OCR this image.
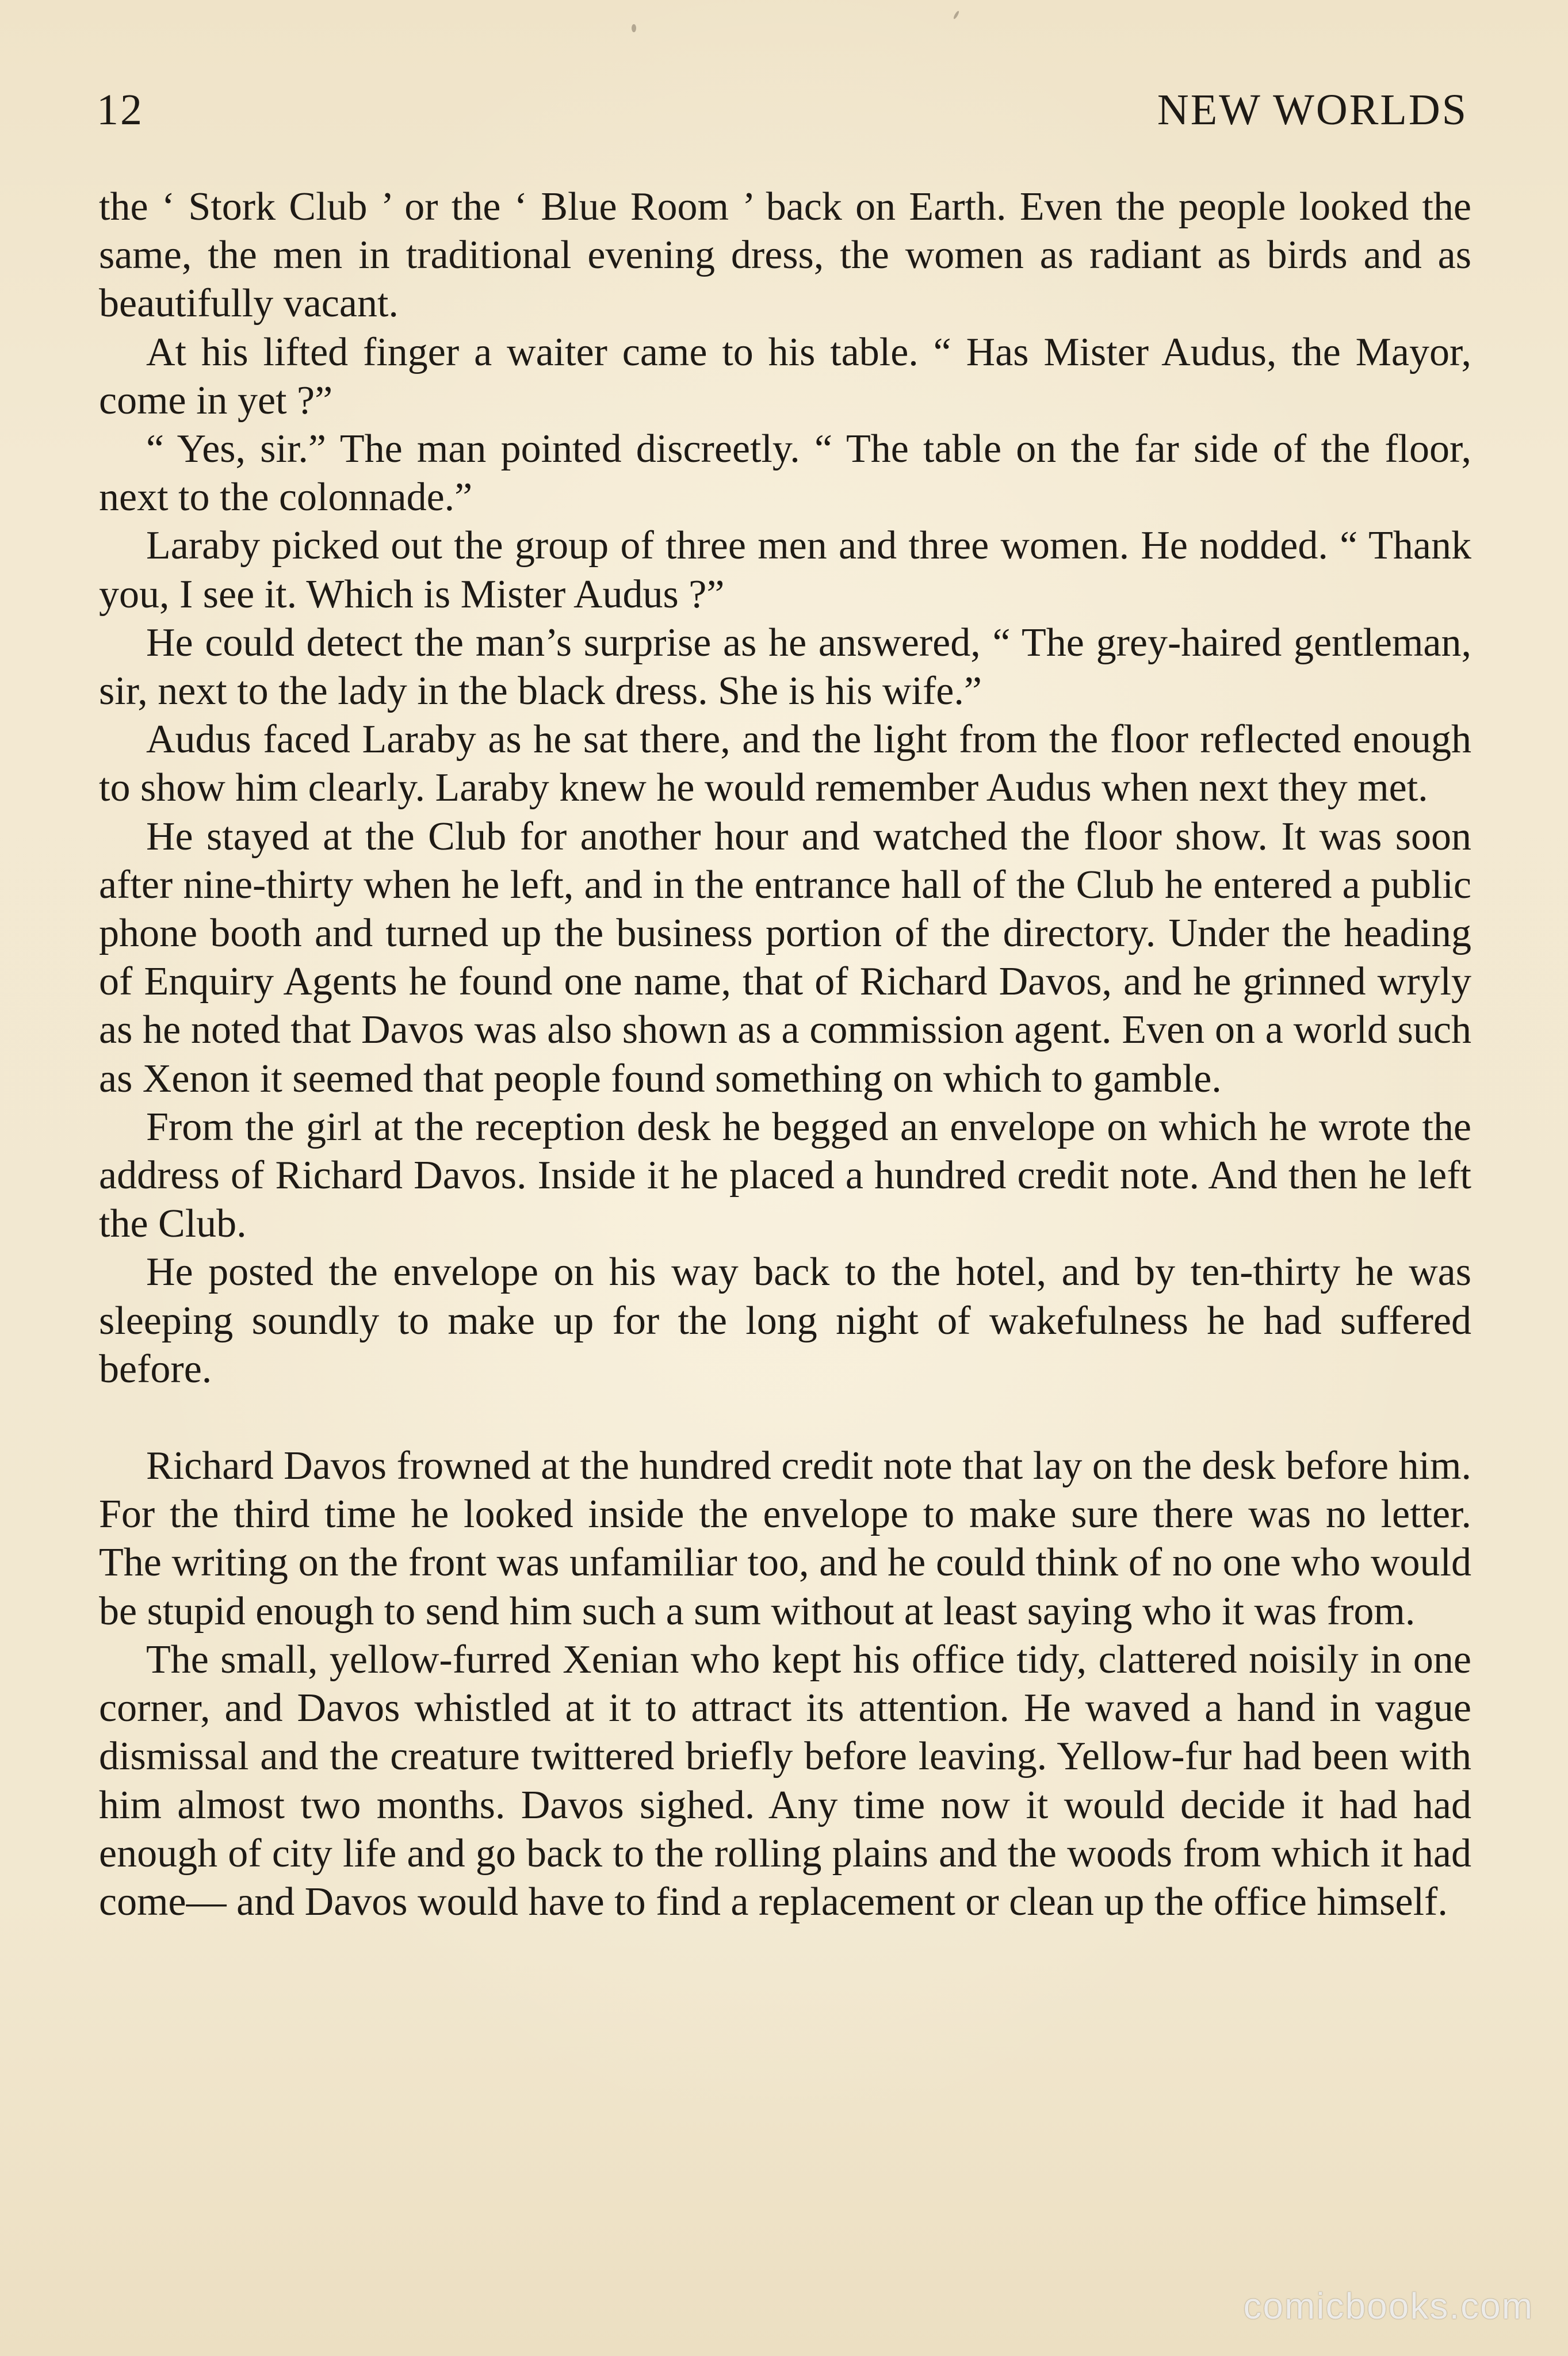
12	NEW WORLDS

the ‘ Stork Club ’ or the ‘ Blue Room ’ back on Earth. Even the people looked the same, the men in traditional evening dress, the women as radiant as birds and as beautifully vacant.

At his lifted finger a waiter came to his table. “ Has Mister Audus, the Mayor, come in yet ?”

“ Yes, sir.” The man pointed discreetly. “ The table on the far side of the floor, next to the colonnade.”

Laraby picked out the group of three men and three women. He nodded. “ Thank you, I see it. Which is Mister Audus ?”

He could detect the man’s surprise as he answered, “ The grey-haired gentleman, sir, next to the lady in the black dress. She is his wife.”

Audus faced Laraby as he sat there, and the light from the floor reflected enough to show him clearly. Laraby knew he would remember Audus when next they met.

He stayed at the Club for another hour and watched the floor show. It was soon after nine-thirty when he left, and in the entrance hall of the Club he entered a public phone booth and turned up the business portion of the directory. Under the heading of Enquiry Agents he found one name, that of Richard Davos, and he grinned wryly as he noted that Davos was also shown as a commission agent. Even on a world such as Xenon it seemed that people found something on which to gamble.

From the girl at the reception desk he begged an envelope on which he wrote the address of Richard Davos. Inside it he placed a hundred credit note. And then he left the Club.

He posted the envelope on his way back to the hotel, and by ten-thirty he was sleeping soundly to make up for the long night of wakefulness he had suffered before.

Richard Davos frowned at the hundred credit note that lay on the desk before him. For the third time he looked inside the envelope to make sure there was no letter. The writing on the front was unfamiliar too, and he could think of no one who would be stupid enough to send him such a sum without at least saying who it was from.

The small, yellow-furred Xenian who kept his office tidy, clattered noisily in one corner, and Davos whistled at it to attract its attention. He waved a hand in vague dismissal and the creature twittered briefly before leaving. Yellow-fur had been with him almost two months. Davos sighed. Any time now it would decide it had had enough of city life and go back to the rolling plains and the woods from which it had come— and Davos would have to find a replacement or clean up the office himself.

comicbooks.com
